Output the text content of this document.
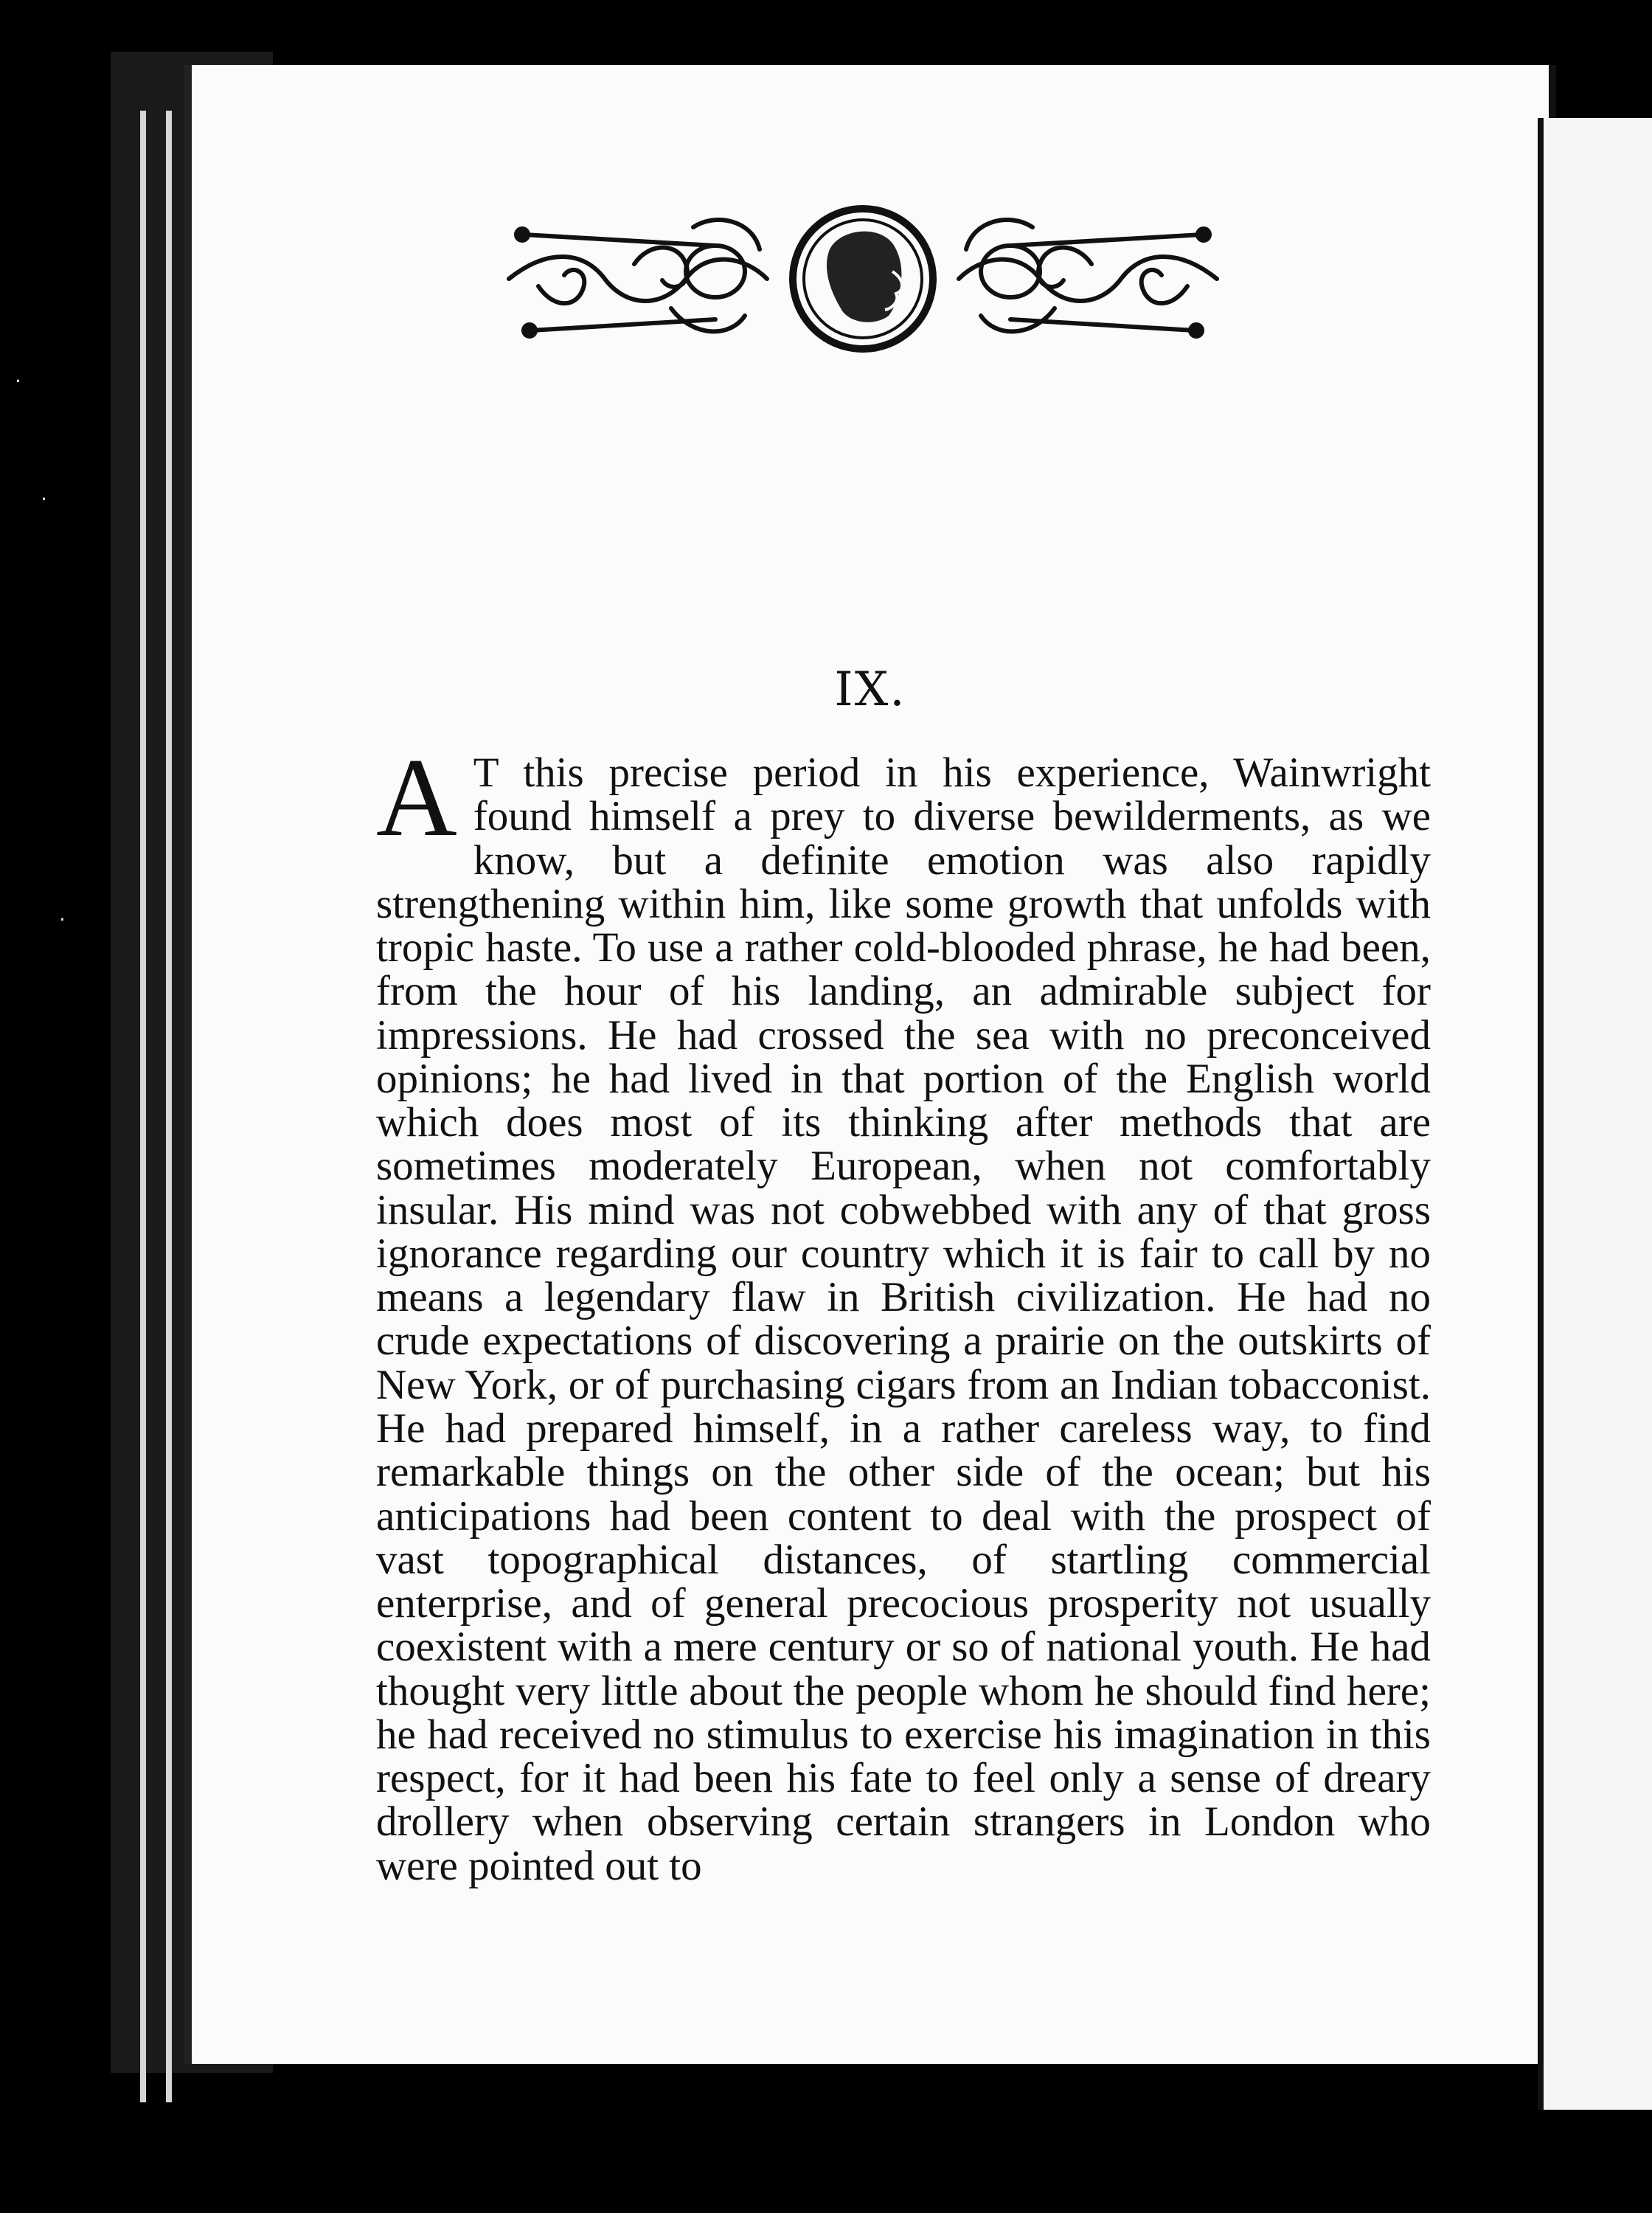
·
·
·
IX.
A T this precise period in his experience, Wainwright found himself a prey to diverse bewilderments, as we know, but a definite emotion was also rapidly strengthening within him, like some growth that unfolds with tropic haste. To use a rather cold-blooded phrase, he had been, from the hour of his landing, an admirable subject for impressions. He had crossed the sea with no preconceived opinions; he had lived in that portion of the English world which does most of its thinking after methods that are sometimes moderately European, when not comfortably insular. His mind was not cobwebbed with any of that gross ignorance regarding our country which it is fair to call by no means a legendary flaw in British civilization. He had no crude expectations of discovering a prairie on the outskirts of New York, or of purchasing cigars from an Indian tobacconist. He had prepared himself, in a rather careless way, to find remarkable things on the other side of the ocean; but his anticipations had been content to deal with the prospect of vast topographical distances, of startling commercial enterprise, and of general precocious prosperity not usually coexistent with a mere century or so of national youth. He had thought very little about the people whom he should find here; he had received no stimulus to exercise his imagination in this respect, for it had been his fate to feel only a sense of dreary drollery when observing certain strangers in London who were pointed out to
